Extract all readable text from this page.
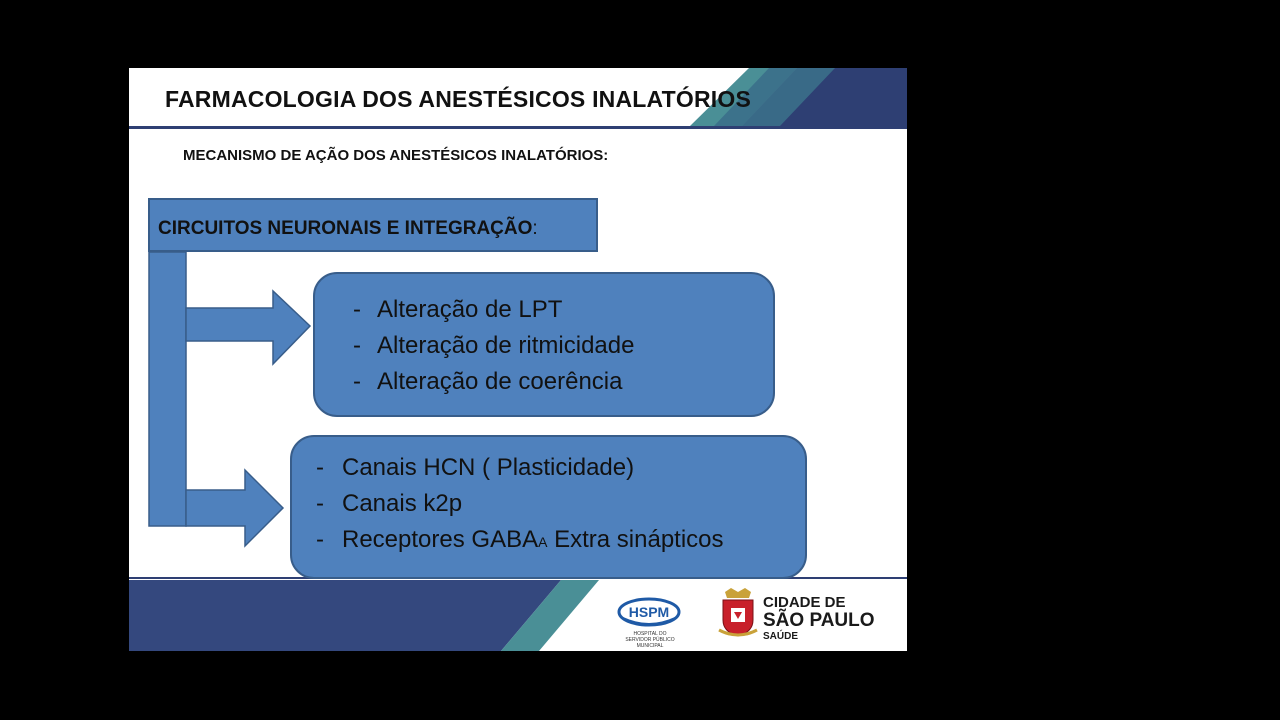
FARMACOLOGIA DOS ANESTÉSICOS INALATÓRIOS
MECANISMO DE AÇÃO DOS ANESTÉSICOS INALATÓRIOS:
CIRCUITOS NEURONAIS E INTEGRAÇÃO:
- Alteração de LPT
- Alteração de ritmicidade
- Alteração de coerência
- Canais HCN ( Plasticidade)
- Canais k2p
- Receptores GABAA Extra sinápticos
HSPM
HOSPITAL DO SERVIDOR PÚBLICO MUNICIPAL
CIDADE DE
SÃO PAULO
SAÚDE
